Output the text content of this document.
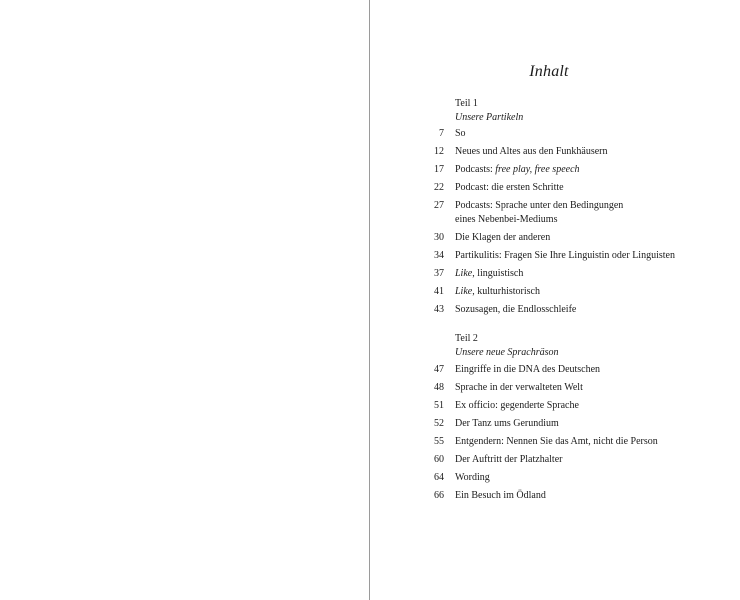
Inhalt
Teil 1
Unsere Partikeln
7 So
12 Neues und Altes aus den Funkhäusern
17 Podcasts: free play, free speech
22 Podcast: die ersten Schritte
27 Podcasts: Sprache unter den Bedingungen
eines Nebenbei-Mediums
30 Die Klagen der anderen
34 Partikulitis: Fragen Sie Ihre Linguistin oder Linguisten
37 Like, linguistisch
41 Like, kulturhistorisch
43 Sozusagen, die Endlosschleife
Teil 2
Unsere neue Sprachräson
47 Eingriffe in die DNA des Deutschen
48 Sprache in der verwalteten Welt
51 Ex officio: gegenderte Sprache
52 Der Tanz ums Gerundium
55 Entgendern: Nennen Sie das Amt, nicht die Person
60 Der Auftritt der Platzhalter
64 Wording
66 Ein Besuch im Ödland
